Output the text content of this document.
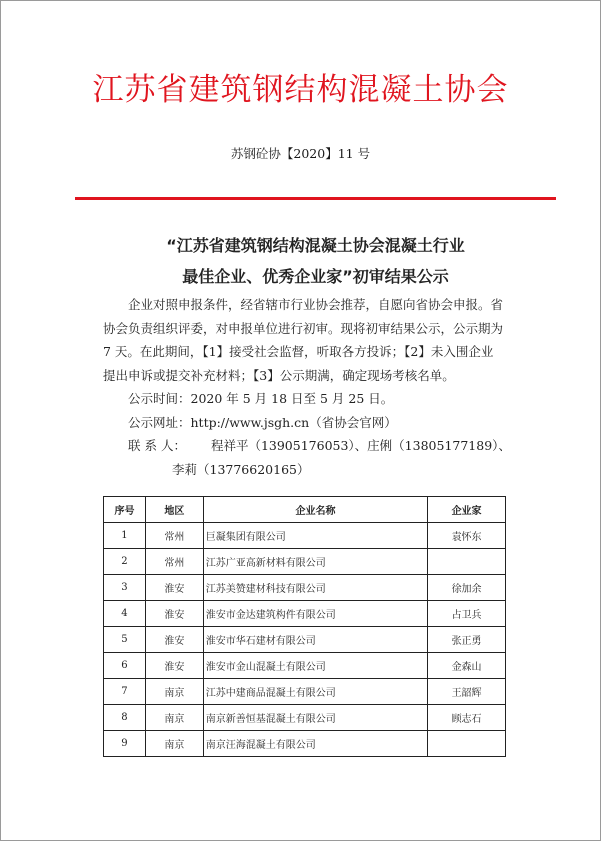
江苏省建筑钢结构混凝土协会
苏钢砼协【2020】11 号
“江苏省建筑钢结构混凝土协会混凝土行业
最佳企业、优秀企业家”初审结果公示

企业对照申报条件，经省辖市行业协会推荐，自愿向省协会申报。省

协会负责组织评委，对申报单位进行初审。现将初审结果公示，公示期为

7 天。在此期间，【1】接受社会监督，听取各方投诉；【2】未入围企业

提出申诉或提交补充材料；【3】公示期满，确定现场考核名单。

公示时间：2020 年 5 月 18 日至 5 月 25 日。

公示网址：http://www.jsgh.cn（省协会官网）

联 系 人：	程祥平（13905176053）、庄俐（13805177189）、

李莉（13776620165）

序号	地区	企业名称	企业家
1	常州	巨凝集团有限公司	袁怀东
2	常州	江苏广亚高新材料有限公司	
3	淮安	江苏美赞建材科技有限公司	徐加余
4	淮安	淮安市金达建筑构件有限公司	占卫兵
5	淮安	淮安市华石建材有限公司	张正勇
6	淮安	淮安市金山混凝土有限公司	金森山
7	南京	江苏中建商品混凝土有限公司	王韶辉
8	南京	南京新善恒基混凝土有限公司	顾志石
9	南京	南京汪海混凝土有限公司	
